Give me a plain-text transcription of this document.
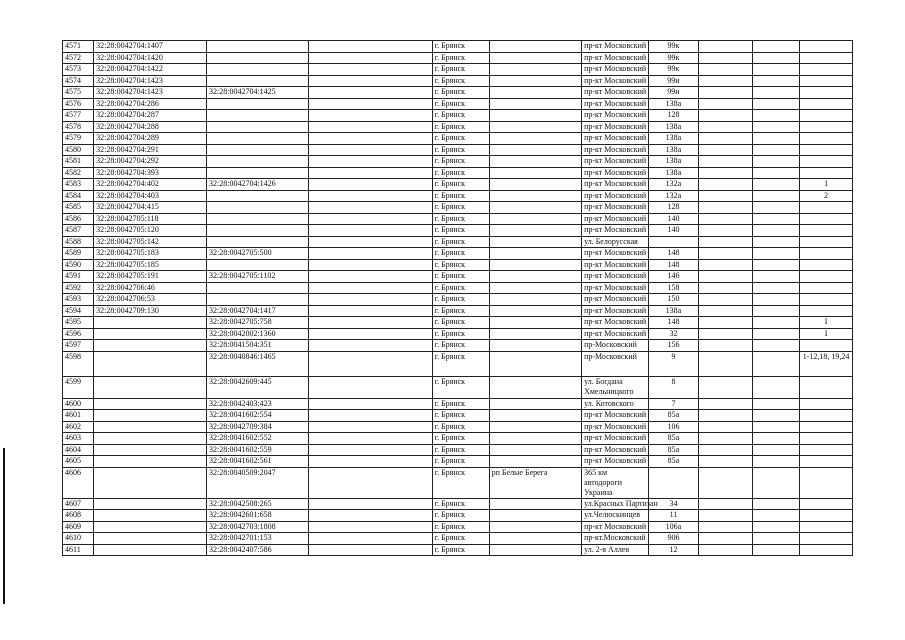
4571	32:28:0042704:1407			г. Брянск		пр-кт Московский	99к			
4572	32:28:0042704:1420			г. Брянск		пр-кт Московский	99к			
4573	32:28:0042704:1422			г. Брянск		пр-кт Московский	99к			
4574	32:28:0042704:1423			г. Брянск		пр-кт Московский	99и			
4575	32:28:0042704:1423	32:28:0042704:1425		г. Брянск		пр-кт Московский	99и			
4576	32:28:0042704:286			г. Брянск		пр-кт Московский	138а			
4577	32:28:0042704:287			г. Брянск		пр-кт Московский	128			
4578	32:28:0042704:288			г. Брянск		пр-кт Московский	138а			
4579	32:28:0042704:289			г. Брянск		пр-кт Московский	138а			
4580	32:28:0042704:291			г. Брянск		пр-кт Московский	138а			
4581	32:28:0042704:292			г. Брянск		пр-кт Московский	138а			
4582	32:28:0042704:393			г. Брянск		пр-кт Московский	138а			
4583	32:28:0042704:402	32:28:0042704:1426		г. Брянск		пр-кт Московский	132а			1
4584	32:28:0042704:403			г. Брянск		пр-кт Московский	132а			2
4585	32:28:0042704:415			г. Брянск		пр-кт Московский	128			
4586	32:28:0042705:118			г. Брянск		пр-кт Московский	140			
4587	32:28:0042705:120			г. Брянск		пр-кт Московский	140			
4588	32:28:0042705:142			г. Брянск		ул. Белорусская				
4589	32:28:0042705:183	32:28:0042705:500		г. Брянск		пр-кт Московский	148			
4590	32:28:0042705:185			г. Брянск		пр-кт Московский	148			
4591	32:28:0042705:191	32:28:0042705:1102		г. Брянск		пр-кт Московский	146			
4592	32:28:0042706:46			г. Брянск		пр-кт Московский	158			
4593	32:28:0042706:53			г. Брянск		пр-кт Московский	150			
4594	32:28:0042709:130	32:28:0042704:1417		г. Брянск		пр-кт Московский	138а			
4595		32:28:0042705:758		г. Брянск		пр-кт Московский	148			I
4596		32:28:0042002:1360		г. Брянск		пр-кт Московский	32			I
4597		32:28:0041504:351		г. Брянск		пр-Московский	156			
4598		32:28:0040846:1465		г. Брянск		пр-Московский	9			1-12,18, 19,24
4599		32:28:0042609:445		г. Брянск		ул. Богдана Хмельницкого	8			
4600		32:28:0042403:423		г. Брянск		ул. Котовского	7			
4601		32:28:0041602:554		г. Брянск		пр-кт Московский	85а			
4602		32:28:0042709:384		г. Брянск		пр-кт Московский	106			
4603		32:28:0041602:552		г. Брянск		пр-кт Московский	85а			
4604		32:28:0041602:559		г. Брянск		пр-кт Московский	85а			
4605		32:28:0041602:561		г. Брянск		пр-кт Московский	85а			
4606		32:28:0040509:2047		г. Брянск	рп Белые Берега	365 км автодороги Украина				
4607		32:28:0042508:265		г. Брянск		ул.Красных Партизан	34			
4608		32:28:0042601:658		г. Брянск		ул.Челюскинцев	11			
4609		32:28:0042703:1808		г. Брянск		пр-кт Московский	106а			
4610		32:28:0042701:153		г. Брянск		пр-кт.Московский	906			
4611		32:28:0042407:586		г. Брянск		ул. 2-я Аллея	12			
